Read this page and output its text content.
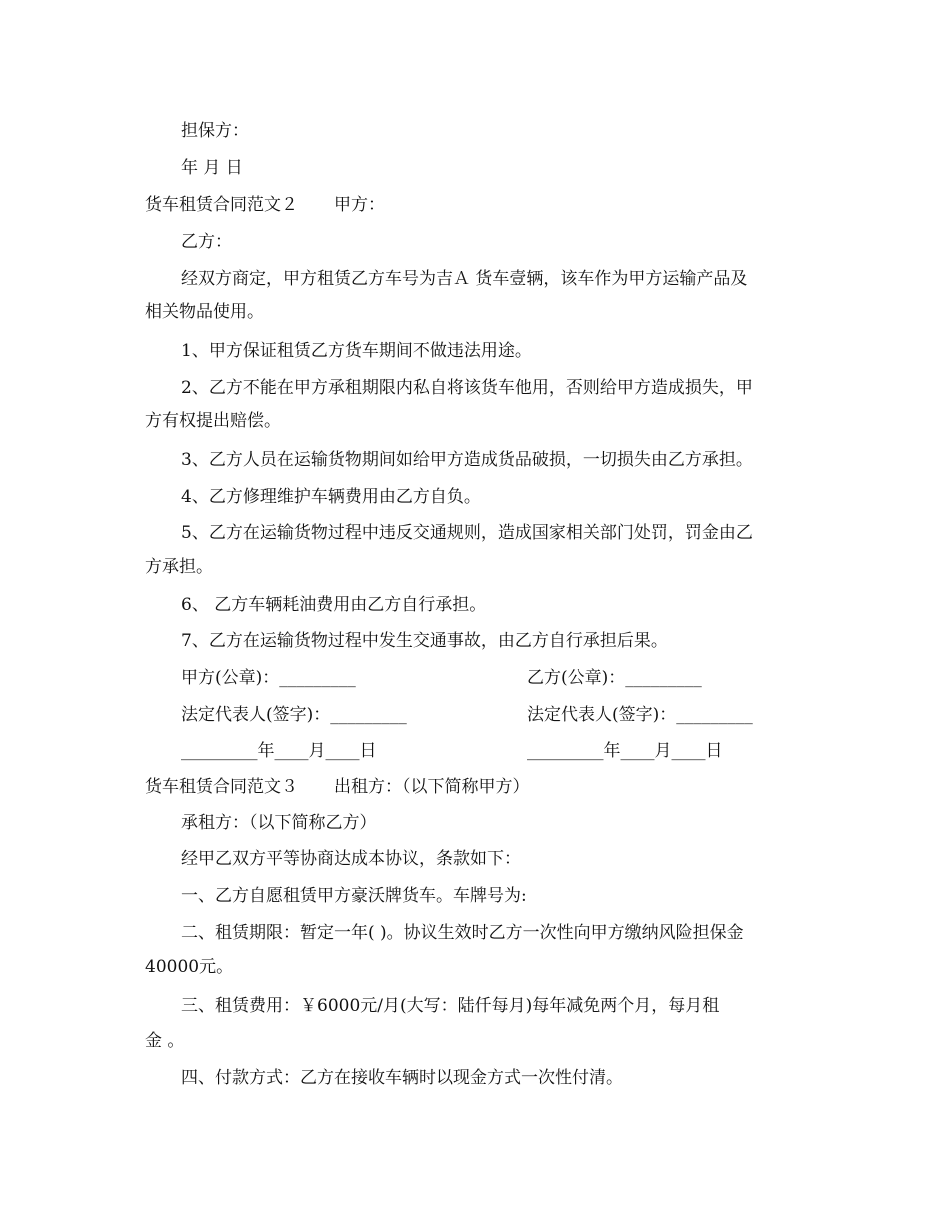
担保方：
年 月 日
货车租赁合同范文２ 甲方：
乙方：
经双方商定，甲方租赁乙方车号为吉Ａ 货车壹辆，该车作为甲方运输产品及
相关物品使用。
1、甲方保证租赁乙方货车期间不做违法用途。
2、乙方不能在甲方承租期限内私自将该货车他用，否则给甲方造成损失，甲
方有权提出赔偿。
3、乙方人员在运输货物期间如给甲方造成货品破损，一切损失由乙方承担。
4、乙方修理维护车辆费用由乙方自负。
5、乙方在运输货物过程中违反交通规则，造成国家相关部门处罚，罚金由乙
方承担。
6、 乙方车辆耗油费用由乙方自行承担。
7、乙方在运输货物过程中发生交通事故，由乙方自行承担后果。
甲方(公章)：_________	乙方(公章)：_________
法定代表人(签字)：_________	法定代表人(签字)：_________
_________年____月____日	_________年____月____日
货车租赁合同范文３ 出租方：（以下简称甲方）
承租方：（以下简称乙方）
经甲乙双方平等协商达成本协议，条款如下：
一、乙方自愿租赁甲方豪沃牌货车。车牌号为:
二、租赁期限：暂定一年( )。协议生效时乙方一次性向甲方缴纳风险担保金
40000元。
三、租赁费用：￥6000元/月(大写：陆仟每月)每年减免两个月，每月租
金 。
四、付款方式：乙方在接收车辆时以现金方式一次性付清。
